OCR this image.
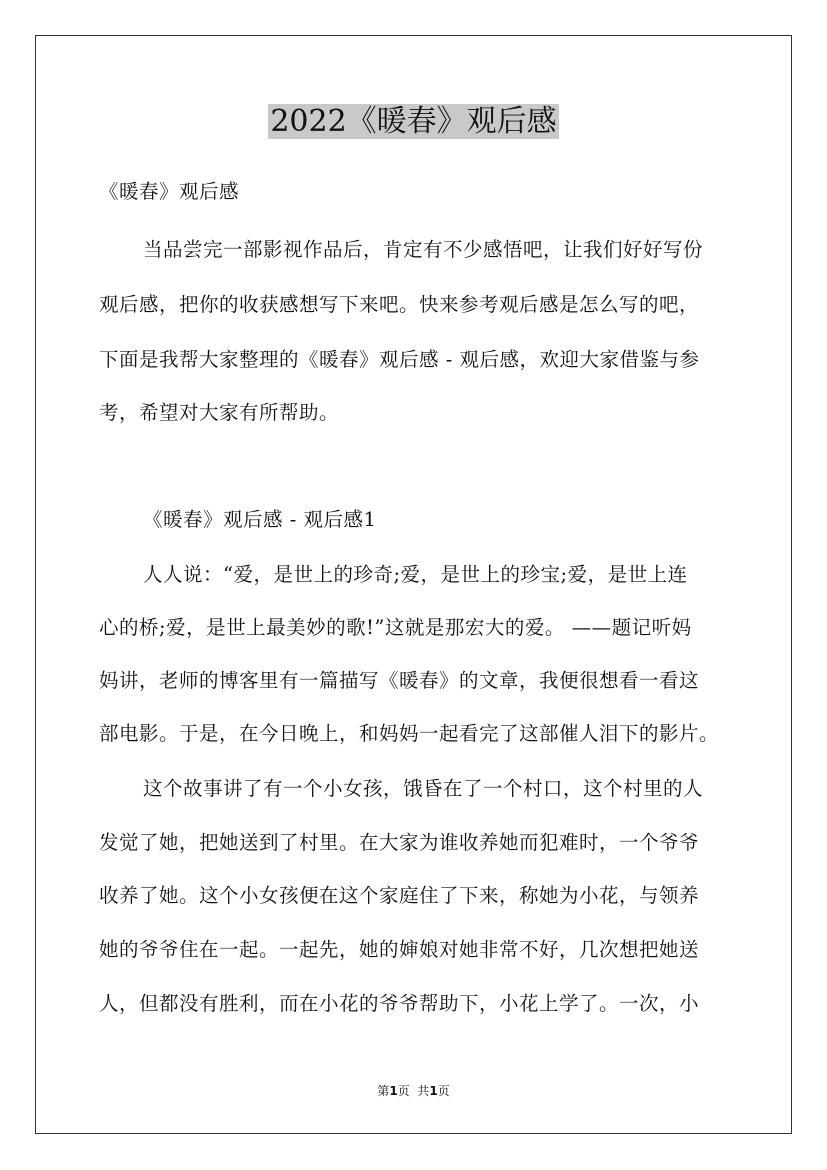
2022《暖春》观后感
《暖春》观后感
当品尝完一部影视作品后，肯定有不少感悟吧，让我们好好写份
观后感，把你的收获感想写下来吧。快来参考观后感是怎么写的吧，
下面是我帮大家整理的《暖春》观后感 - 观后感，欢迎大家借鉴与参
考，希望对大家有所帮助。
《暖春》观后感 - 观后感1
人人说：“爱，是世上的珍奇;爱，是世上的珍宝;爱，是世上连
心的桥;爱，是世上最美妙的歌!”这就是那宏大的爱。 ——题记听妈
妈讲，老师的博客里有一篇描写《暖春》的文章，我便很想看一看这
部电影。于是，在今日晚上，和妈妈一起看完了这部催人泪下的影片。
这个故事讲了有一个小女孩，饿昏在了一个村口，这个村里的人
发觉了她，把她送到了村里。在大家为谁收养她而犯难时，一个爷爷
收养了她。这个小女孩便在这个家庭住了下来，称她为小花，与领养
她的爷爷住在一起。一起先，她的婶娘对她非常不好，几次想把她送
人，但都没有胜利，而在小花的爷爷帮助下，小花上学了。一次，小
第1页  共1页
